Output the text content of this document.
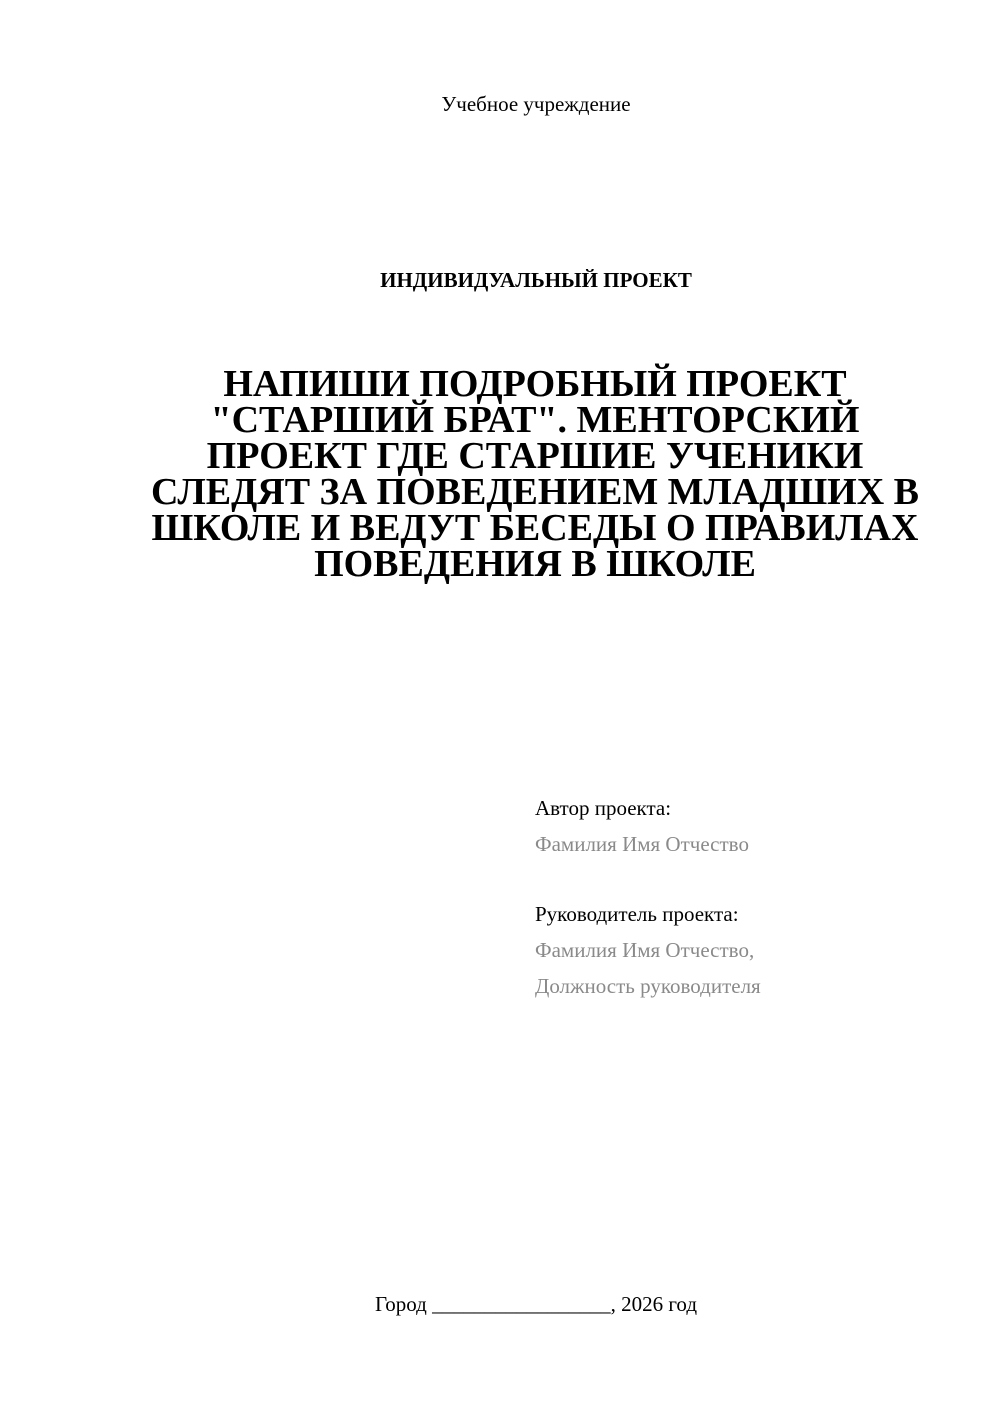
Учебное учреждение
ИНДИВИДУАЛЬНЫЙ ПРОЕКТ
НАПИШИ ПОДРОБНЫЙ ПРОЕКТ
"СТАРШИЙ БРАТ". МЕНТОРСКИЙ
ПРОЕКТ ГДЕ СТАРШИЕ УЧЕНИКИ
СЛЕДЯТ ЗА ПОВЕДЕНИЕМ МЛАДШИХ В
ШКОЛЕ И ВЕДУТ БЕСЕДЫ О ПРАВИЛАХ
ПОВЕДЕНИЯ В ШКОЛЕ
Автор проекта:
Фамилия Имя Отчество
Руководитель проекта:
Фамилия Имя Отчество,
Должность руководителя
Город _________________, 2026 год
